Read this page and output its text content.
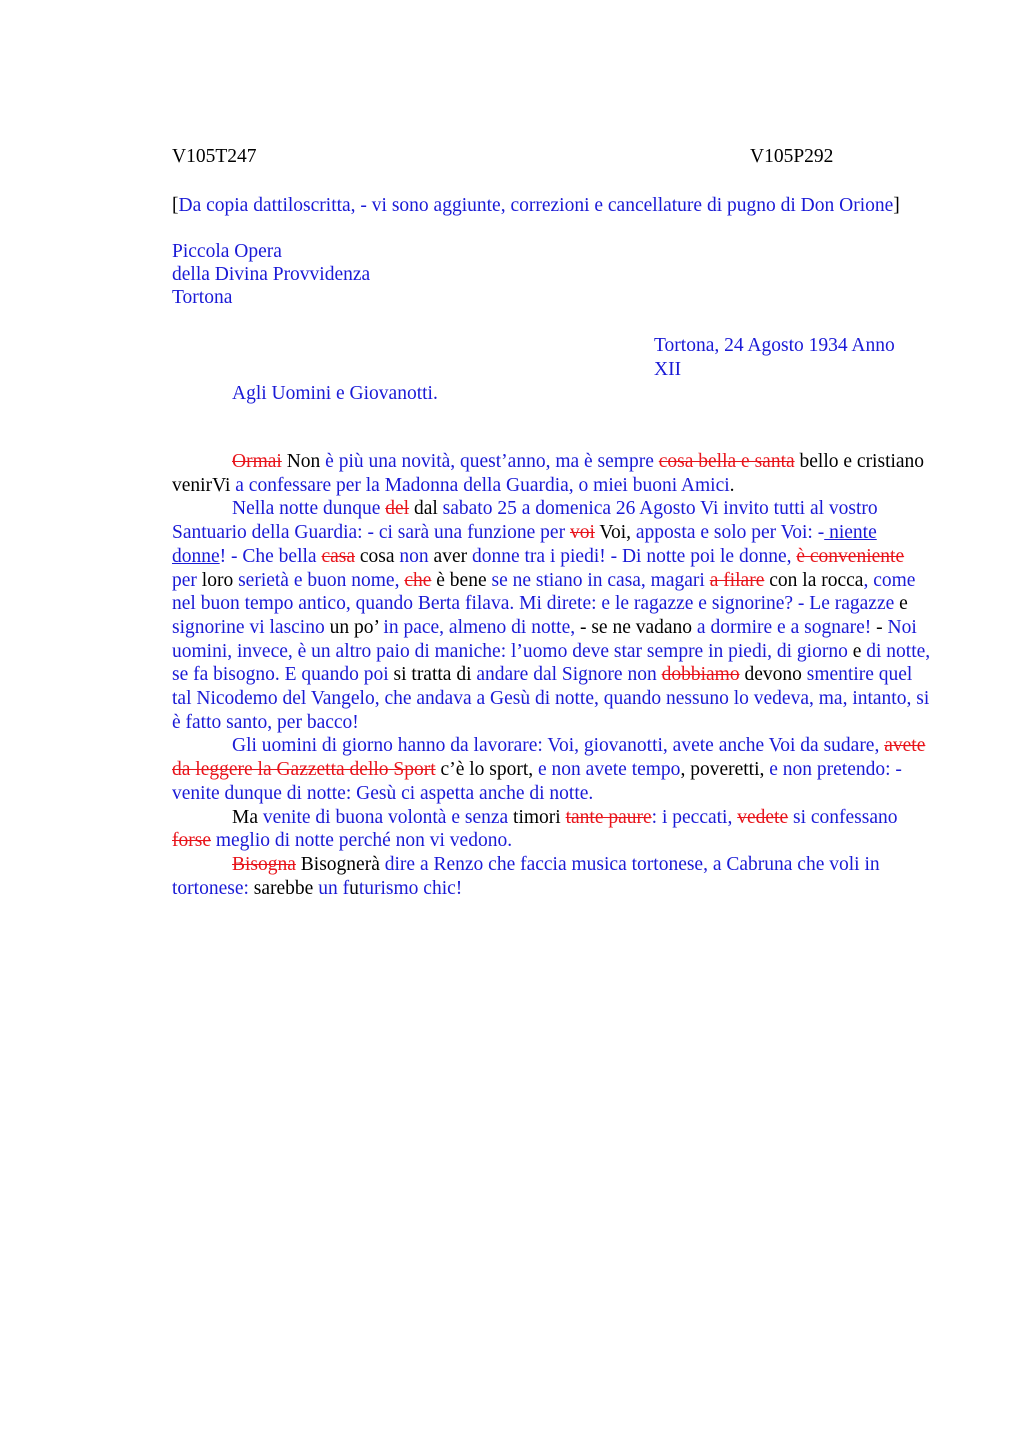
V105T247	V105P292
[Da copia dattiloscritta, - vi sono aggiunte, correzioni e cancellature di pugno di Don Orione]
Piccola Opera
della Divina Provvidenza
Tortona
Tortona, 24 Agosto 1934 Anno XII
Agli Uomini e Giovanotti.

Ormai Non è più una novità, quest’anno, ma è sempre cosa bella e santa bello e cristiano venirVi a confessare per la Madonna della Guardia, o miei buoni Amici.

Nella notte dunque del dal sabato 25 a domenica 26 Agosto Vi invito tutti al vostro Santuario della Guardia: - ci sarà una funzione per voi Voi, apposta e solo per Voi: - niente donne! - Che bella casa cosa non aver donne tra i piedi! - Di notte poi le donne, è conveniente per loro serietà e buon nome, che è bene se ne stiano in casa, magari a filare con la rocca, come nel buon tempo antico, quando Berta filava. Mi direte: e le ragazze e signorine? - Le ragazze e signorine vi lascino un po’ in pace, almeno di notte, - se ne vadano a dormire e a sognare! - Noi uomini, invece, è un altro paio di maniche: l’uomo deve star sempre in piedi, di giorno e di notte, se fa bisogno. E quando poi si tratta di andare dal Signore non dobbiamo devono smentire quel tal Nicodemo del Vangelo, che andava a Gesù di notte, quando nessuno lo vedeva, ma, intanto, si è fatto santo, per bacco!

Gli uomini di giorno hanno da lavorare: Voi, giovanotti, avete anche Voi da sudare, avete da leggere la Gazzetta dello Sport c’è lo sport, e non avete tempo, poveretti, e non pretendo: - venite dunque di notte: Gesù ci aspetta anche di notte.

Ma venite di buona volontà e senza timori tante paure: i peccati, vedete si confessano forse meglio di notte perché non vi vedono.

Bisogna Bisognerà dire a Renzo che faccia musica tortonese, a Cabruna che voli in tortonese: sarebbe un futurismo chic!
